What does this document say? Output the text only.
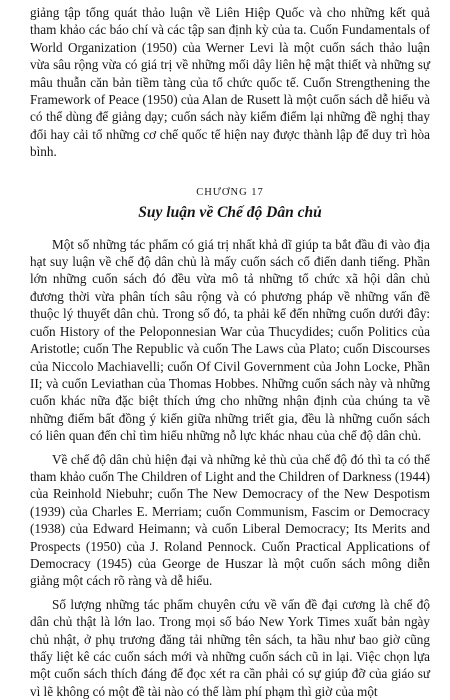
giảng tập tổng quát thảo luận về Liên Hiệp Quốc và cho những kết quả tham khảo các báo chí và các tập san định kỳ của ta. Cuốn Fundamentals of World Organization (1950) của Werner Levi là một cuốn sách thảo luận vừa sâu rộng vừa có giá trị về những mối dây liên hệ mật thiết và những sự mâu thuẫn căn bản tiềm tàng của tổ chức quốc tế. Cuốn Strengthening the Framework of Peace (1950) của Alan de Rusett là một cuốn sách dễ hiểu và có thể dùng để giảng dạy; cuốn sách này kiểm điểm lại những đề nghị thay đổi hay cải tổ những cơ chế quốc tế hiện nay được thành lập để duy trì hòa bình.

CHƯƠNG 17
Suy luận về Chế độ Dân chủ

Một số những tác phẩm có giá trị nhất khả dĩ giúp ta bắt đầu đi vào địa hạt suy luận về chế độ dân chủ là mấy cuốn sách cổ điển danh tiếng. Phần lớn những cuốn sách đó đều vừa mô tả những tổ chức xã hội dân chủ đương thời vừa phân tích sâu rộng và có phương pháp về những vấn đề thuộc lý thuyết dân chủ. Trong số đó, ta phải kể đến những cuốn dưới đây: cuốn History of the Peloponnesian War của Thucydides; cuốn Politics của Aristotle; cuốn The Republic và cuốn The Laws của Plato; cuốn Discourses của Niccolo Machiavelli; cuốn Of Civil Government của John Locke, Phần II; và cuốn Leviathan của Thomas Hobbes. Những cuốn sách này và những cuốn khác nữa đặc biệt thích ứng cho những nhận định của chúng ta về những điểm bất đồng ý kiến giữa những triết gia, đều là những cuốn sách có liên quan đến chỉ tìm hiểu những nỗ lực khác nhau của chế độ dân chủ.

Về chế độ dân chủ hiện đại và những kẻ thù của chế độ đó thì ta có thể tham khảo cuốn The Children of Light and the Children of Darkness (1944) của Reinhold Niebuhr; cuốn The New Democracy of the New Despotism (1939) của Charles E. Merriam; cuốn Communism, Fascim or Democracy (1938) của Edward Heimann; và cuốn Liberal Democracy; Its Merits and Prospects (1950) của J. Roland Pennock. Cuốn Practical Applications of Democracy (1945) của George de Huszar là một cuốn sách mông diễn giảng một cách rõ ràng và dễ hiểu.

Số lượng những tác phẩm chuyên cứu về vấn đề đại cương là chế độ dân chủ thật là lớn lao. Trong mọi số báo New York Times xuất bản ngày chủ nhật, ở phụ trương đăng tải những tên sách, ta hầu như bao giờ cũng thấy liệt kê các cuốn sách mới và những cuốn sách cũ in lại. Việc chọn lựa một cuốn sách thích đáng để đọc xét ra cần phải có sự giúp đỡ của giáo sư vì lẽ không có một đề tài nào có thể làm phí phạm thì giờ của một
